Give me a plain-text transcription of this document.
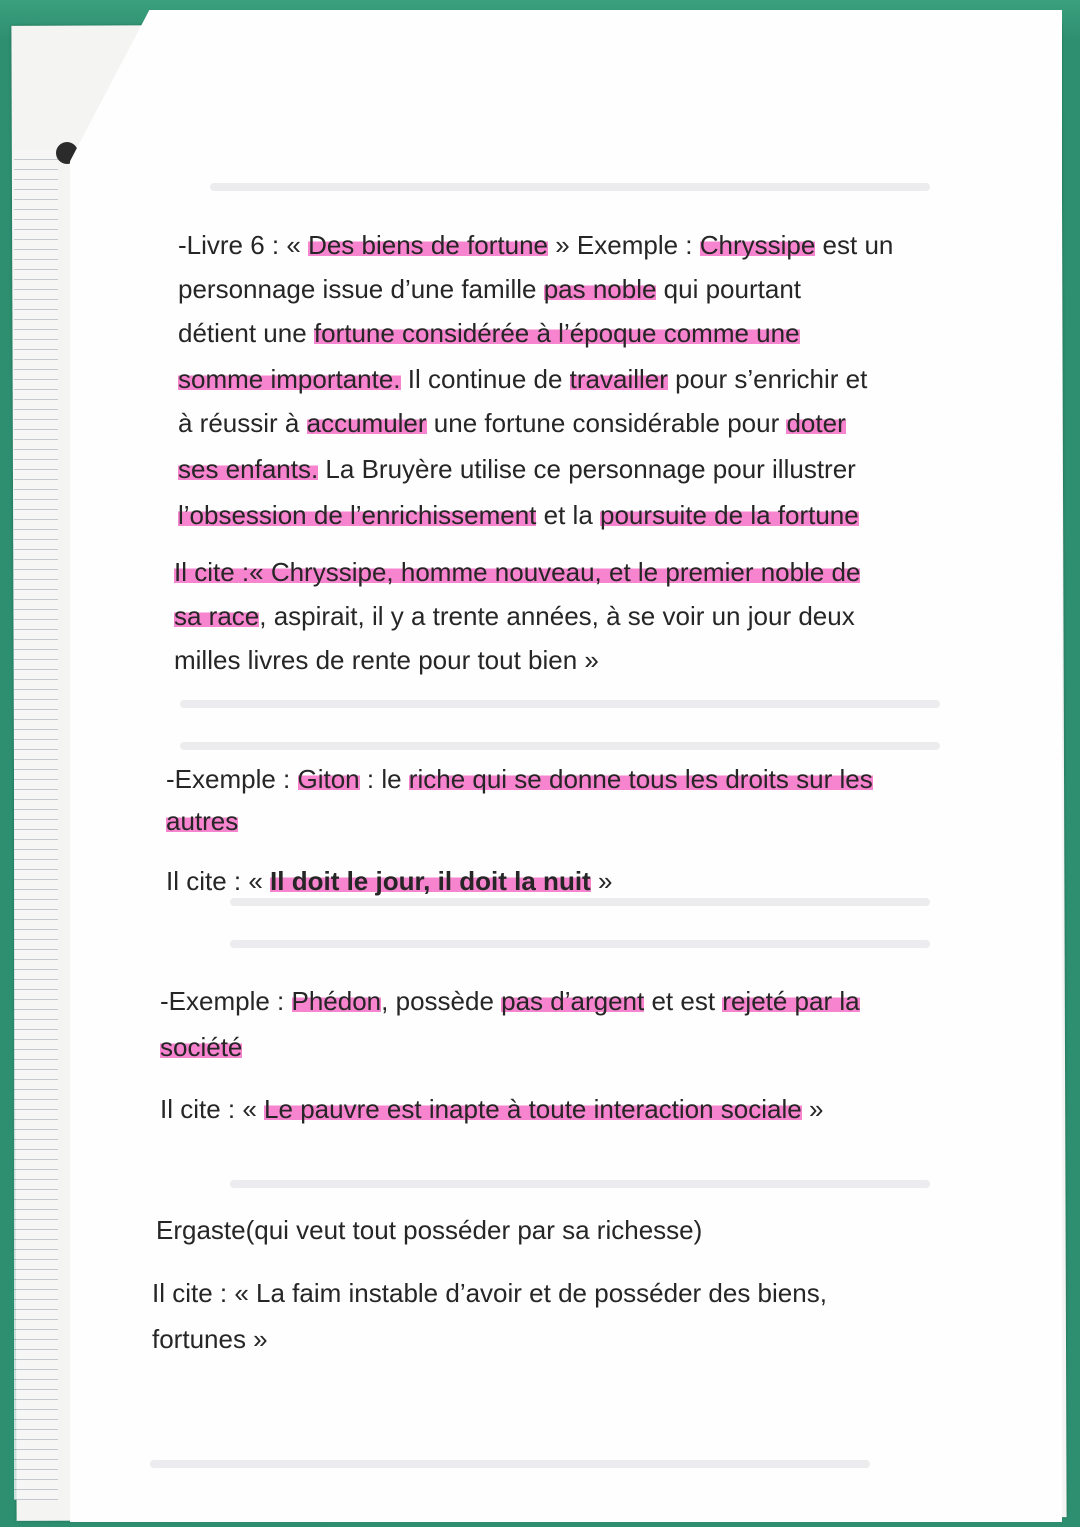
-Livre 6 : « Des biens de fortune » Exemple : Chryssipe est un

personnage issue d’une famille pas noble qui pourtant

détient une fortune considérée à l’époque comme une

somme importante. Il continue de travailler pour s’enrichir et

à réussir à accumuler une fortune considérable pour doter

ses enfants. La Bruyère utilise ce personnage pour illustrer

l’obsession de l’enrichissement et la poursuite de la fortune

Il cite :« Chryssipe, homme nouveau, et le premier noble de

sa race, aspirait, il y a trente années, à se voir un jour deux

milles livres de rente pour tout bien »

-Exemple : Giton : le riche qui se donne tous les droits sur les

autres

Il cite : « Il doit le jour, il doit la nuit »

-Exemple : Phédon, possède pas d’argent et est rejeté par la

société

Il cite : « Le pauvre est inapte à toute interaction sociale »

Ergaste(qui veut tout posséder par sa richesse)

Il cite : « La faim instable d’avoir et de posséder des biens,

fortunes »
